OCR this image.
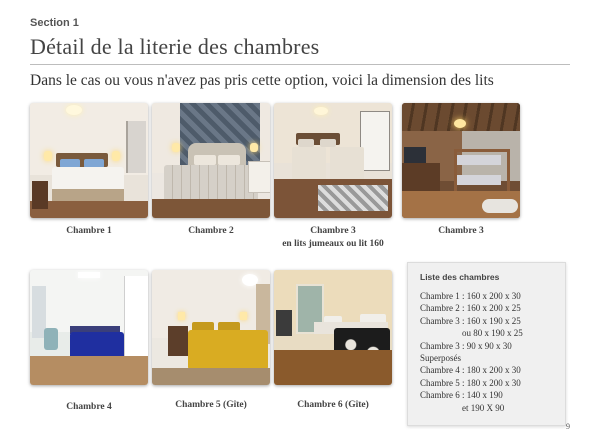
Section 1
Détail de la literie des chambres
Dans le cas ou vous n'avez pas pris cette option, voici la dimension des lits
Chambre 1	Chambre 2	Chambre 3
en lits jumeaux ou lit 160
Chambre 3
Chambre 4	Chambre 5 (Gîte)	Chambre 6 (Gîte)
Liste des chambres
Chambre 1 : 160 x 200 x 30
Chambre 2 : 160 x 200 x 25
Chambre 3 : 160 x 190 x 25
ou 80 x 190 x 25
Chambre 3 : 90 x 90 x 30
Superposés
Chambre 4 : 180 x 200 x 30
Chambre 5 : 180 x 200 x 30
Chambre 6 : 140 x 190
et 190 X 90
9
